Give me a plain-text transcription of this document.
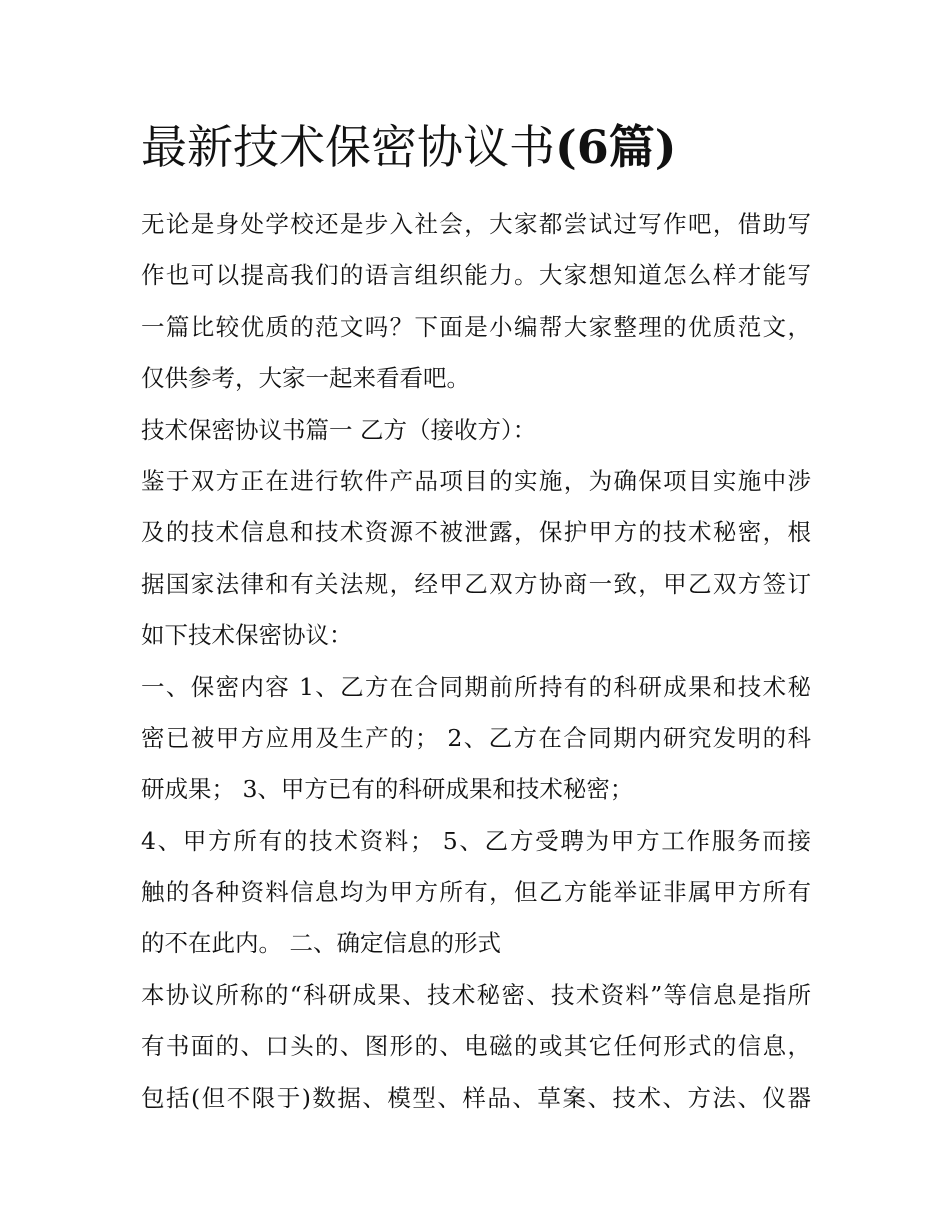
最新技术保密协议书(6篇)

无论是身处学校还是步入社会，大家都尝试过写作吧，借助写

作也可以提高我们的语言组织能力。大家想知道怎么样才能写

一篇比较优质的范文吗？下面是小编帮大家整理的优质范文，

仅供参考，大家一起来看看吧。

技术保密协议书篇一 乙方（接收方）：

鉴于双方正在进行软件产品项目的实施，为确保项目实施中涉

及的技术信息和技术资源不被泄露，保护甲方的技术秘密，根

据国家法律和有关法规，经甲乙双方协商一致，甲乙双方签订

如下技术保密协议：

一、保密内容 1、乙方在合同期前所持有的科研成果和技术秘

密已被甲方应用及生产的； 2、乙方在合同期内研究发明的科

研成果； 3、甲方已有的科研成果和技术秘密；

4、甲方所有的技术资料； 5、乙方受聘为甲方工作服务而接

触的各种资料信息均为甲方所有，但乙方能举证非属甲方所有

的不在此内。 二、确定信息的形式

本协议所称的“科研成果、技术秘密、技术资料”等信息是指所

有书面的、口头的、图形的、电磁的或其它任何形式的信息，

包括(但不限于)数据、模型、样品、草案、技术、方法、仪器
